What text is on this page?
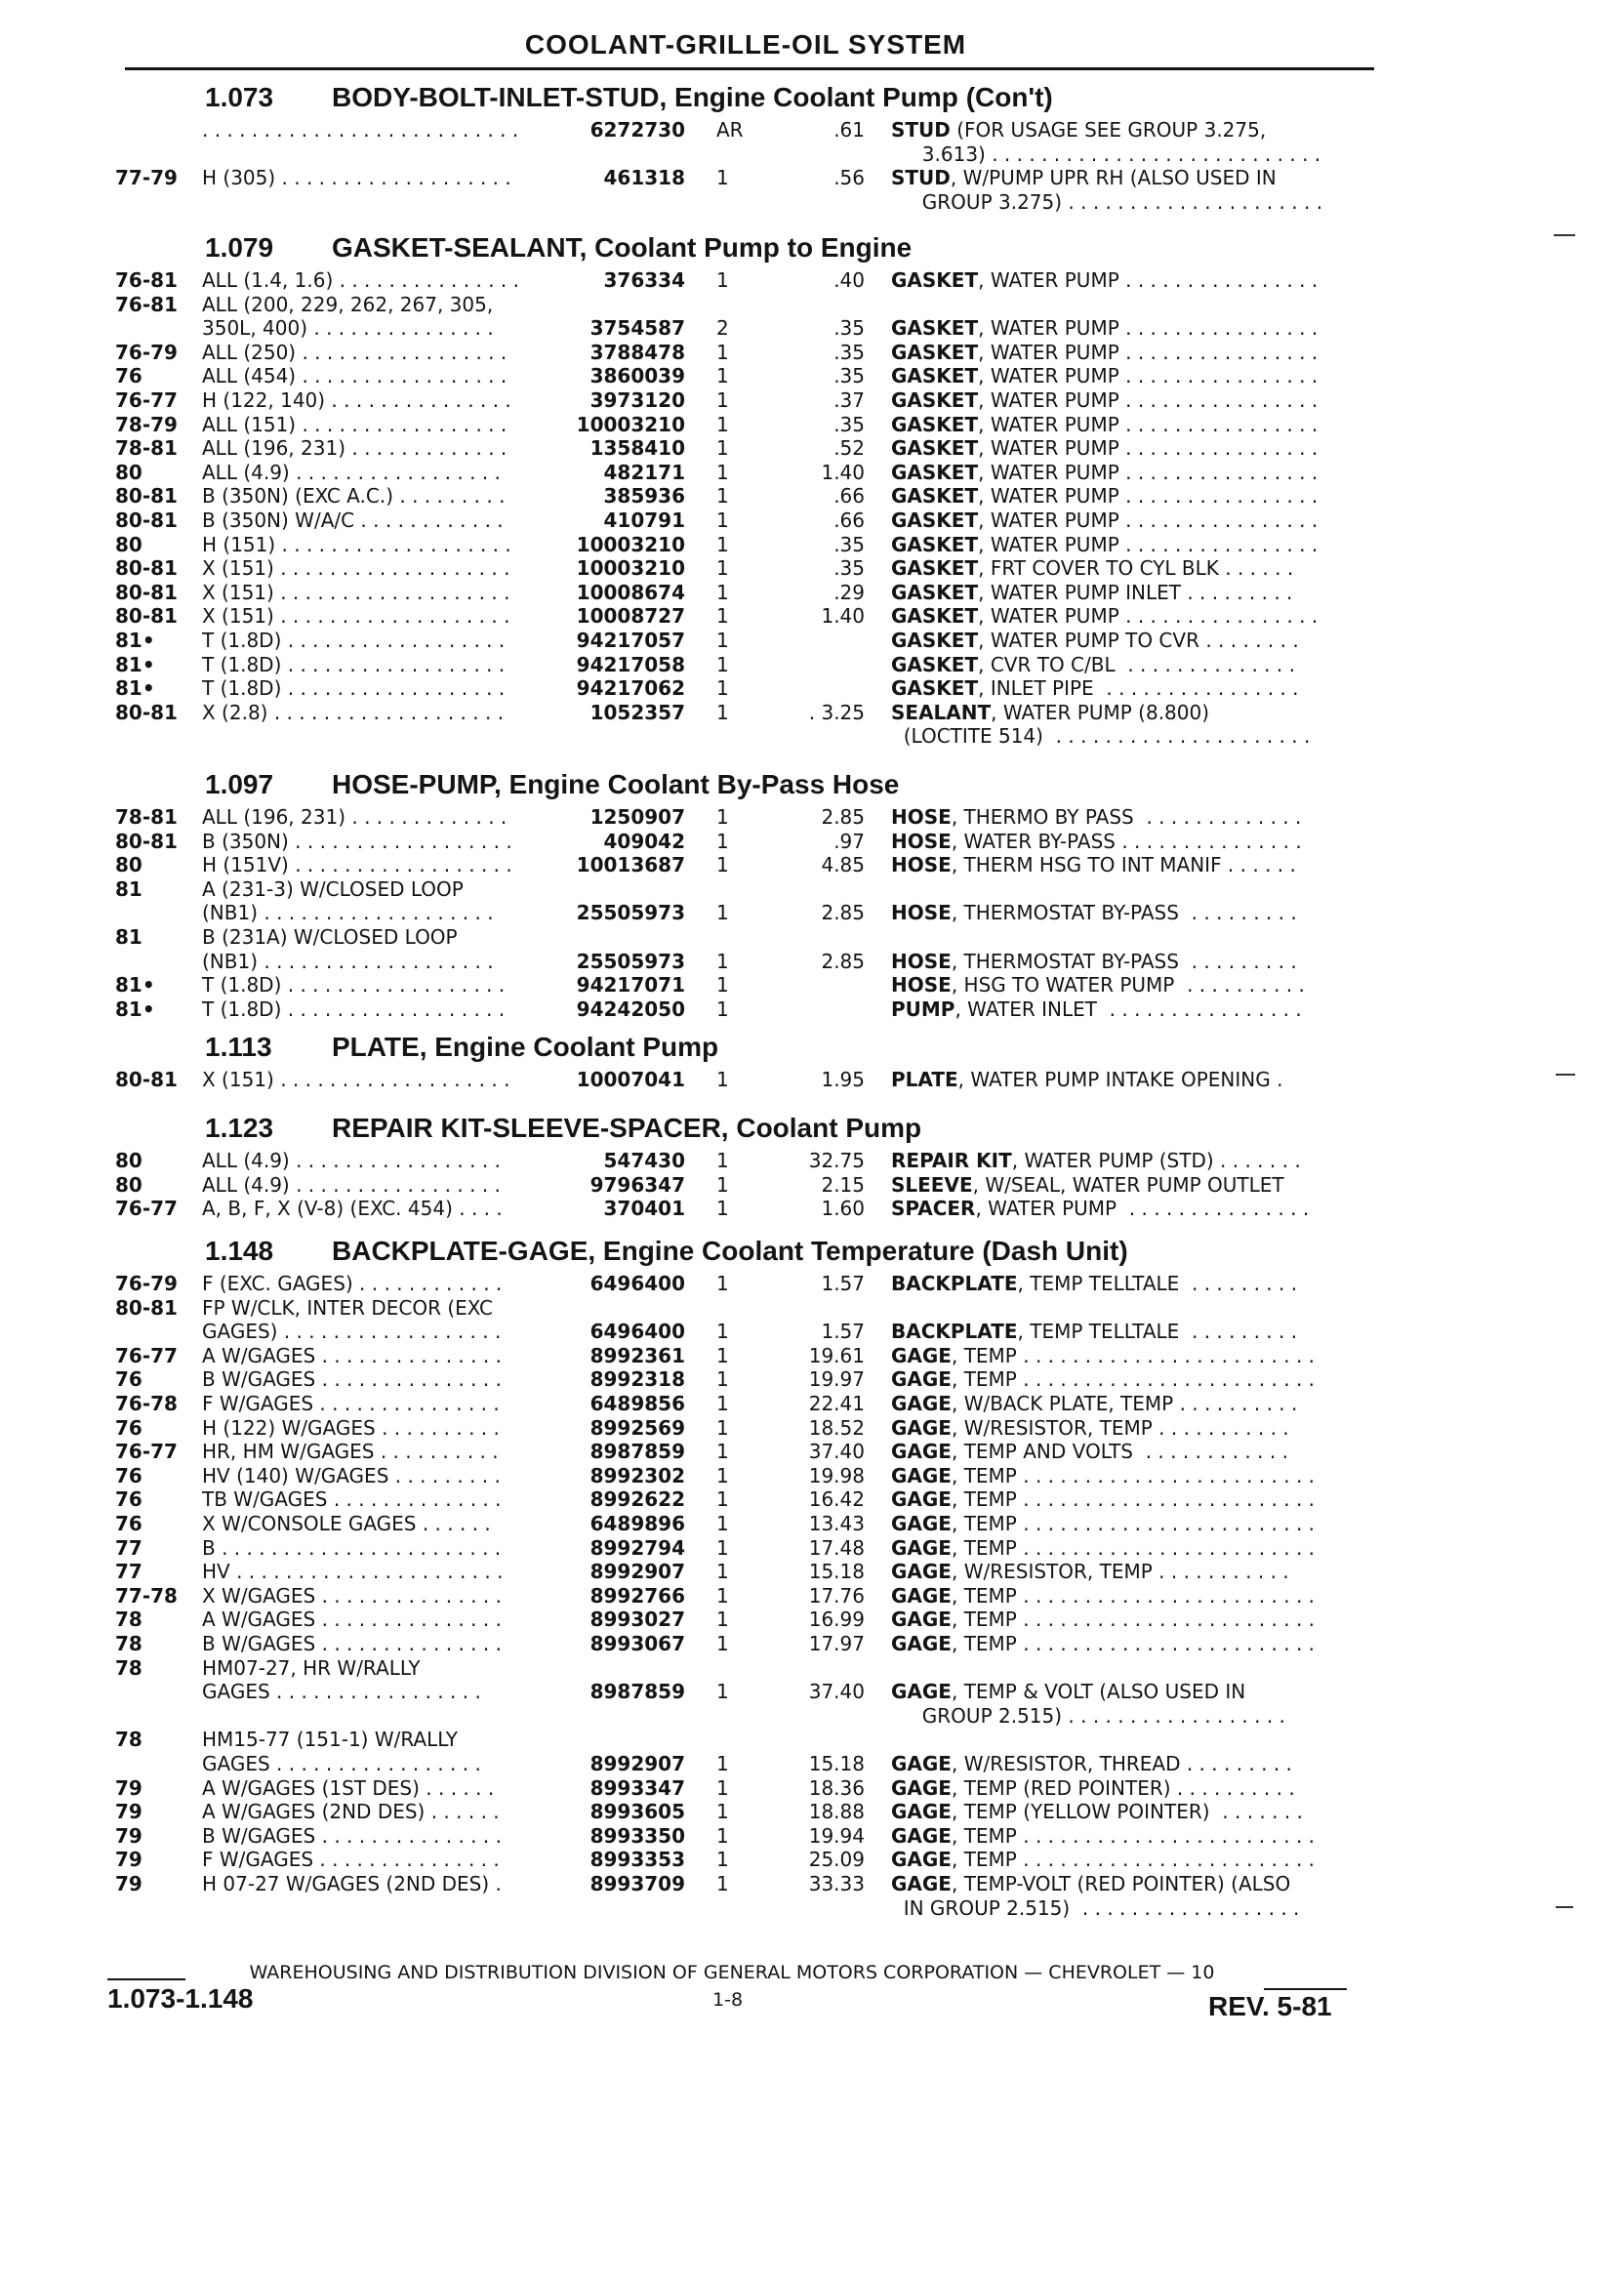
COOLANT-GRILLE-OIL SYSTEM
1.073 BODY-BOLT-INLET-STUD, Engine Coolant Pump (Con't)
. . . . . . . . . . . . . . . . . . . . . . . . . .	6272730 AR	.61 STUD (FOR USAGE SEE GROUP 3.275,
3.613) . . . . . . . . . . . . . . . . . . . . . . . . . . .
77-79 H (305) . . . . . . . . . . . . . . . . . . .	461318 1	.56 STUD, W/PUMP UPR RH (ALSO USED IN
GROUP 3.275) . . . . . . . . . . . . . . . . . . . . .
1.079 GASKET-SEALANT, Coolant Pump to Engine
76-81 ALL (1.4, 1.6) . . . . . . . . . . . . . . .	376334 1	.40 GASKET, WATER PUMP . . . . . . . . . . . . . . . .
76-81 ALL (200, 229, 262, 267, 305,
350L, 400) . . . . . . . . . . . . . . .	3754587 2	.35 GASKET, WATER PUMP . . . . . . . . . . . . . . . .
76-79 ALL (250) . . . . . . . . . . . . . . . . .	3788478 1	.35 GASKET, WATER PUMP . . . . . . . . . . . . . . . .
76	ALL (454) . . . . . . . . . . . . . . . . .	3860039 1	.35 GASKET, WATER PUMP . . . . . . . . . . . . . . . .
76-77 H (122, 140) . . . . . . . . . . . . . . .	3973120 1	.37 GASKET, WATER PUMP . . . . . . . . . . . . . . . .
78-79 ALL (151) . . . . . . . . . . . . . . . . .	10003210 1	.35 GASKET, WATER PUMP . . . . . . . . . . . . . . . .
78-81 ALL (196, 231) . . . . . . . . . . . . .	1358410 1	.52 GASKET, WATER PUMP . . . . . . . . . . . . . . . .
80	ALL (4.9) . . . . . . . . . . . . . . . . .	482171 1	1.40 GASKET, WATER PUMP . . . . . . . . . . . . . . . .
80-81 B (350N) (EXC A.C.) . . . . . . . . .	385936 1	.66 GASKET, WATER PUMP . . . . . . . . . . . . . . . .
80-81 B (350N) W/A/C . . . . . . . . . . . .	410791 1	.66 GASKET, WATER PUMP . . . . . . . . . . . . . . . .
80	H (151) . . . . . . . . . . . . . . . . . . .	10003210 1	.35 GASKET, WATER PUMP . . . . . . . . . . . . . . . .
80-81 X (151) . . . . . . . . . . . . . . . . . . .	10003210 1	.35 GASKET, FRT COVER TO CYL BLK . . . . . .
80-81 X (151) . . . . . . . . . . . . . . . . . . .	10008674 1	.29 GASKET, WATER PUMP INLET . . . . . . . . .
80-81 X (151) . . . . . . . . . . . . . . . . . . .	10008727 1	1.40 GASKET, WATER PUMP . . . . . . . . . . . . . . . .
81• T (1.8D) . . . . . . . . . . . . . . . . . .	94217057 1	GASKET, WATER PUMP TO CVR . . . . . . . .
81• T (1.8D) . . . . . . . . . . . . . . . . . .	94217058 1	GASKET, CVR TO C/BL  . . . . . . . . . . . . . .
81• T (1.8D) . . . . . . . . . . . . . . . . . .	94217062 1	GASKET, INLET PIPE  . . . . . . . . . . . . . . . .
80-81 X (2.8) . . . . . . . . . . . . . . . . . . .	1052357 1	. 3.25 SEALANT, WATER PUMP (8.800)
(LOCTITE 514)  . . . . . . . . . . . . . . . . . . . . .
1.097 HOSE-PUMP, Engine Coolant By-Pass Hose
78-81 ALL (196, 231) . . . . . . . . . . . . .	1250907 1	2.85 HOSE, THERMO BY PASS  . . . . . . . . . . . . .
80-81 B (350N) . . . . . . . . . . . . . . . . . .	409042 1	.97 HOSE, WATER BY-PASS . . . . . . . . . . . . . . .
80	H (151V) . . . . . . . . . . . . . . . . . .	10013687 1	4.85 HOSE, THERM HSG TO INT MANIF . . . . . .
81	A (231-3) W/CLOSED LOOP
(NB1) . . . . . . . . . . . . . . . . . . .	25505973 1	2.85 HOSE, THERMOSTAT BY-PASS  . . . . . . . . .
81	B (231A) W/CLOSED LOOP
(NB1) . . . . . . . . . . . . . . . . . . .	25505973 1	2.85 HOSE, THERMOSTAT BY-PASS  . . . . . . . . .
81• T (1.8D) . . . . . . . . . . . . . . . . . .	94217071 1	HOSE, HSG TO WATER PUMP  . . . . . . . . . .
81• T (1.8D) . . . . . . . . . . . . . . . . . .	94242050 1	PUMP, WATER INLET  . . . . . . . . . . . . . . . .
1.113 PLATE, Engine Coolant Pump
80-81 X (151) . . . . . . . . . . . . . . . . . . .	10007041 1	1.95 PLATE, WATER PUMP INTAKE OPENING .
1.123 REPAIR KIT-SLEEVE-SPACER, Coolant Pump
80	ALL (4.9) . . . . . . . . . . . . . . . . .	547430 1	32.75 REPAIR KIT, WATER PUMP (STD) . . . . . . .
80	ALL (4.9) . . . . . . . . . . . . . . . . .	9796347 1	2.15 SLEEVE, W/SEAL, WATER PUMP OUTLET
76-77 A, B, F, X (V-8) (EXC. 454) . . . .	370401 1	1.60 SPACER, WATER PUMP  . . . . . . . . . . . . . . .
1.148 BACKPLATE-GAGE, Engine Coolant Temperature (Dash Unit)
76-79 F (EXC. GAGES) . . . . . . . . . . . .	6496400 1	1.57 BACKPLATE, TEMP TELLTALE  . . . . . . . . .
80-81 FP W/CLK, INTER DECOR (EXC
GAGES) . . . . . . . . . . . . . . . . . .	6496400 1	1.57 BACKPLATE, TEMP TELLTALE  . . . . . . . . .
76-77 A W/GAGES . . . . . . . . . . . . . . .	8992361 1	19.61 GAGE, TEMP . . . . . . . . . . . . . . . . . . . . . . . .
76	B W/GAGES . . . . . . . . . . . . . . .	8992318 1	19.97 GAGE, TEMP . . . . . . . . . . . . . . . . . . . . . . . .
76-78 F W/GAGES . . . . . . . . . . . . . . .	6489856 1	22.41 GAGE, W/BACK PLATE, TEMP . . . . . . . . . .
76	H (122) W/GAGES . . . . . . . . . .	8992569 1	18.52 GAGE, W/RESISTOR, TEMP . . . . . . . . . . .
76-77 HR, HM W/GAGES . . . . . . . . . .	8987859 1	37.40 GAGE, TEMP AND VOLTS  . . . . . . . . . . . .
76	HV (140) W/GAGES . . . . . . . . .	8992302 1	19.98 GAGE, TEMP . . . . . . . . . . . . . . . . . . . . . . . .
76	TB W/GAGES . . . . . . . . . . . . . .	8992622 1	16.42 GAGE, TEMP . . . . . . . . . . . . . . . . . . . . . . . .
76	X W/CONSOLE GAGES . . . . . .	6489896 1	13.43 GAGE, TEMP . . . . . . . . . . . . . . . . . . . . . . . .
77	B . . . . . . . . . . . . . . . . . . . . . . .	8992794 1	17.48 GAGE, TEMP . . . . . . . . . . . . . . . . . . . . . . . .
77	HV . . . . . . . . . . . . . . . . . . . . . .	8992907 1	15.18 GAGE, W/RESISTOR, TEMP . . . . . . . . . . .
77-78 X W/GAGES . . . . . . . . . . . . . . .	8992766 1	17.76 GAGE, TEMP . . . . . . . . . . . . . . . . . . . . . . . .
78	A W/GAGES . . . . . . . . . . . . . . .	8993027 1	16.99 GAGE, TEMP . . . . . . . . . . . . . . . . . . . . . . . .
78	B W/GAGES . . . . . . . . . . . . . . .	8993067 1	17.97 GAGE, TEMP . . . . . . . . . . . . . . . . . . . . . . . .
78	HM07-27, HR W/RALLY
GAGES . . . . . . . . . . . . . . . . .	8987859 1	37.40 GAGE, TEMP & VOLT (ALSO USED IN
GROUP 2.515) . . . . . . . . . . . . . . . . . .
78	HM15-77 (151-1) W/RALLY
GAGES . . . . . . . . . . . . . . . . .	8992907 1	15.18 GAGE, W/RESISTOR, THREAD . . . . . . . . .
79	A W/GAGES (1ST DES) . . . . . .	8993347 1	18.36 GAGE, TEMP (RED POINTER) . . . . . . . . . .
79	A W/GAGES (2ND DES) . . . . . .	8993605 1	18.88 GAGE, TEMP (YELLOW POINTER)  . . . . . . .
79	B W/GAGES . . . . . . . . . . . . . . .	8993350 1	19.94 GAGE, TEMP . . . . . . . . . . . . . . . . . . . . . . . .
79	F W/GAGES . . . . . . . . . . . . . . .	8993353 1	25.09 GAGE, TEMP . . . . . . . . . . . . . . . . . . . . . . . .
79	H 07-27 W/GAGES (2ND DES) .	8993709 1	33.33 GAGE, TEMP-VOLT (RED POINTER) (ALSO
IN GROUP 2.515)  . . . . . . . . . . . . . . . . . .
WAREHOUSING AND DISTRIBUTION DIVISION OF GENERAL MOTORS CORPORATION — CHEVROLET — 10
1.073-1.148	1-8	REV. 5-81
